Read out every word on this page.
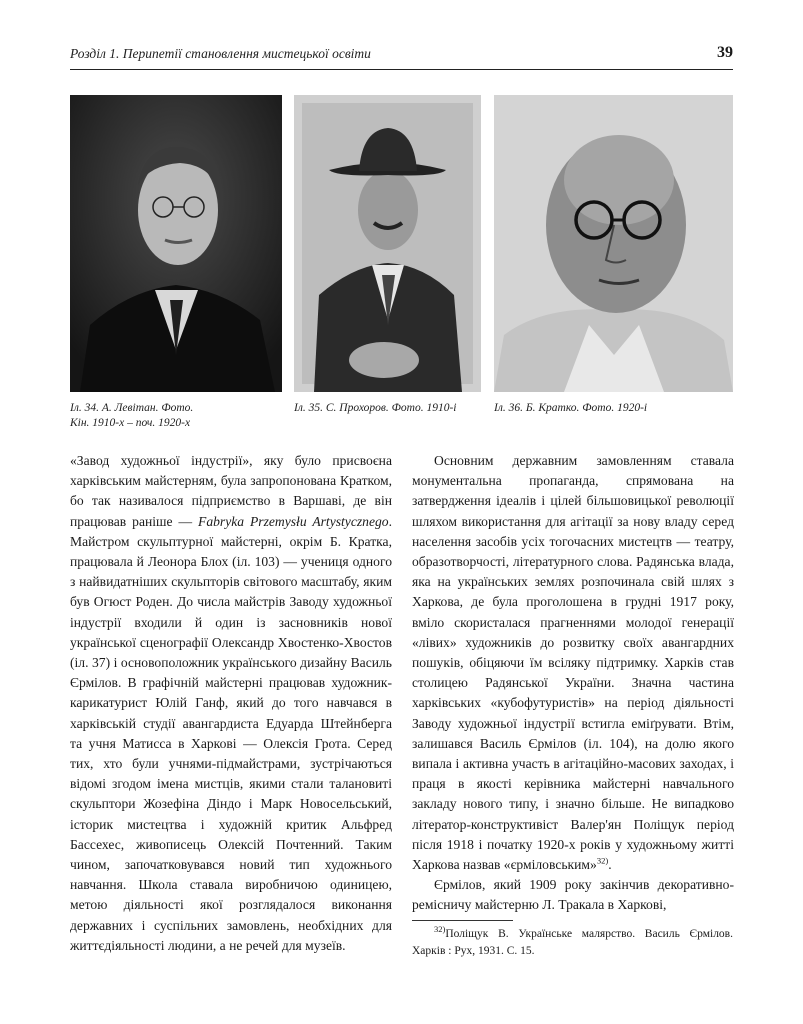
Розділ 1. Перипетії становлення мистецької освіти	39
Іл. 34. А. Левітан. Фото.
Кін. 1910-х – поч. 1920-х
Іл. 35. С. Прохоров. Фото. 1910-і	Іл. 36. Б. Кратко. Фото. 1920-і

«Завод художньої індустрії», яку було присвоєна харківським майстерням, була запропонована Кратком, бо так називалося підприємство в Варшаві, де він працював раніше — Fabryka Przemysłu Artystycznego. Майстром скульптурної майстерні, окрім Б. Кратка, працювала й Леонора Блох (іл. 103) — учениця одного з найвидатніших скульпторів світового масштабу, яким був Огюст Роден. До числа майстрів Заводу художньої індустрії входили й один із засновників нової української сценографії Олександр Хвостенко-Хвостов (іл. 37) і основоположник українського дизайну Василь Єрмілов. В графічній майстерні працював художник-карикатурист Юлій Ганф, який до того навчався в харківській студії авангардиста Едуарда Штейнберга та учня Матисса в Харкові — Олексія Грота. Серед тих, хто були учнями-підмайстрами, зустрічаються відомі згодом імена мистців, якими стали талановиті скульптори Жозефіна Діндо і Марк Новосельський, історик мистецтва і художній критик Альфред Бассехес, живописець Олексій Почтенний. Таким чином, започатковувався новий тип художнього навчання. Школа ставала виробничою одиницею, метою діяльності якої розглядалося виконання державних і суспільних замовлень, необхідних для життєдіяльності людини, а не речей для музеїв.

Основним державним замовленням ставала монументальна пропаганда, спрямована на затвердження ідеалів і цілей більшовицької революції шляхом використання для агітації за нову владу серед населення засобів усіх тогочасних мистецтв — театру, образотворчості, літературного слова. Радянська влада, яка на українських землях розпочинала свій шлях з Харкова, де була проголошена в грудні 1917 року, вміло скористалася прагненнями молодої генерації «лівих» художників до розвитку своїх авангардних пошуків, обіцяючи їм всіляку підтримку. Харків став столицею Радянської України. Значна частина харківських «кубофутуристів» на період діяльності Заводу художньої індустрії встигла еміґрувати. Втім, залишався Василь Єрмілов (іл. 104), на долю якого випала і активна участь в агітаційно-масових заходах, і праця в якості керівника майстерні навчального закладу нового типу, і значно більше. Не випадково літератор-конструктивіст Валер'ян Поліщук період після 1918 і початку 1920-х років у художньому житті Харкова назвав «єрміловським»$^{32)}$.

Єрмілов, який 1909 року закінчив декоративно-ремісничу майстерню Л. Тракала в Харкові,

$^{32)}$Поліщук В. Українське малярство. Василь Єрмілов. Харків : Рух, 1931. С. 15.
